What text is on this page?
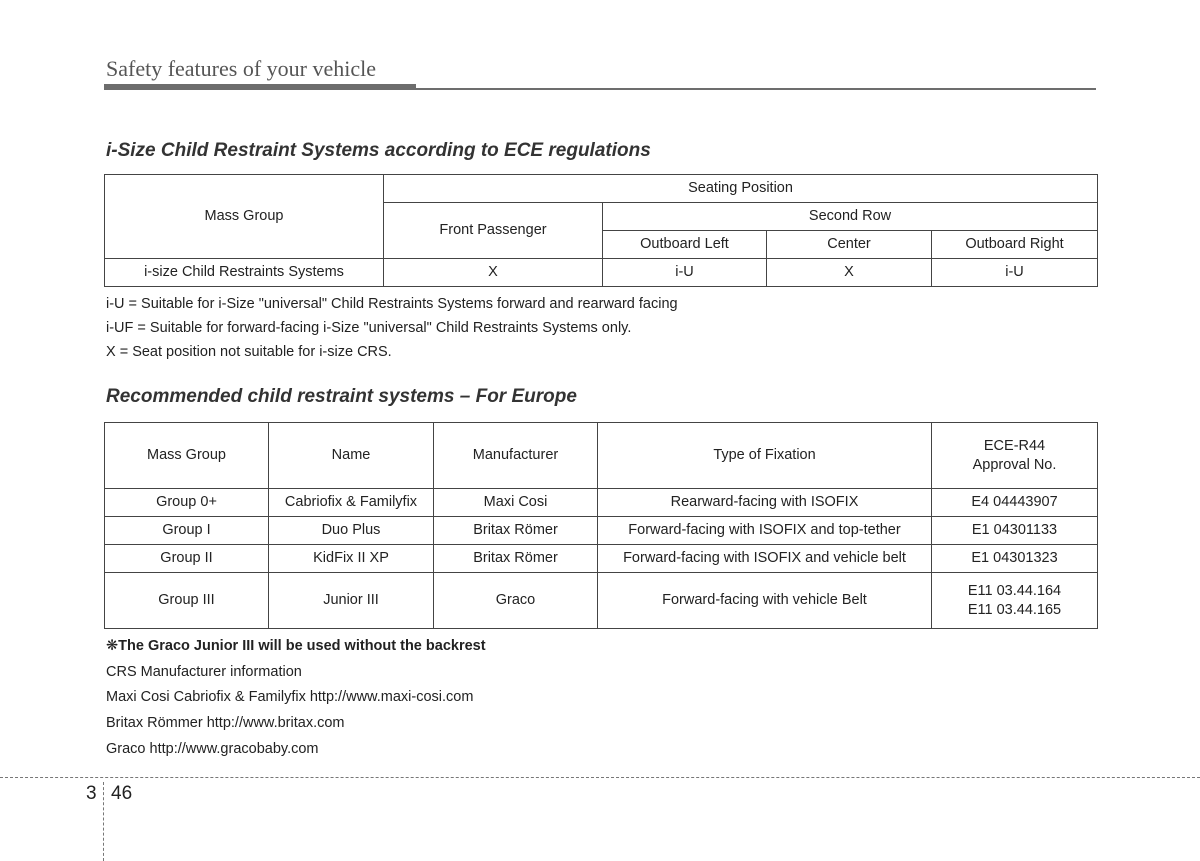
Safety features of your vehicle
i-Size Child Restraint Systems according to ECE regulations
Mass Group	Seating Position			
	Front Passenger	Second Row		
		Outboard Left	Center	Outboard Right
i-size Child Restraints Systems	X	i-U	X	i-U
i-U = Suitable for i-Size "universal" Child Restraints Systems forward and rearward facing
i-UF = Suitable for forward-facing i-Size "universal" Child Restraints Systems only.
X = Seat position not suitable for i-size CRS.
Recommended child restraint systems – For Europe
Mass Group	Name	Manufacturer	Type of Fixation	ECE-R44
Approval No.

Group 0+	Cabriofix & Familyfix	Maxi Cosi	Rearward-facing with ISOFIX	E4 04443907
Group I	Duo Plus	Britax Römer	Forward-facing with ISOFIX and top-tether	E1 04301133
Group II	KidFix II XP	Britax Römer	Forward-facing with ISOFIX and vehicle belt	E1 04301323
Group III	Junior III	Graco	Forward-facing with vehicle Belt	E11 03.44.164
E11 03.44.165
❋The Graco Junior III will be used without the backrest
CRS Manufacturer information
Maxi Cosi Cabriofix & Familyfix http://www.maxi-cosi.com
Britax Römmer http://www.britax.com
Graco http://www.gracobaby.com
3 46
